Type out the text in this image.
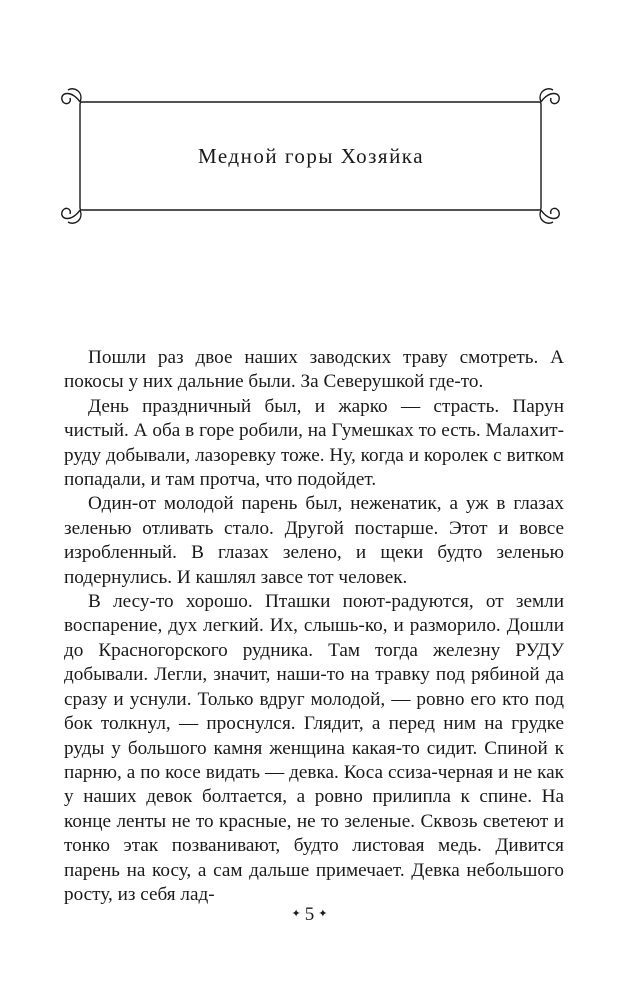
Медной горы Хозяйка

Пошли раз двое наших заводских траву смотреть. А покосы у них дальние были. За Северушкой где-то.

День праздничный был, и жарко — страсть. Парун чистый. А оба в горе робили, на Гумешках то есть. Малахит-руду добывали, лазоревку тоже. Ну, когда и королек с витком попадали, и там протча, что подойдет.

Один-от молодой парень был, неженатик, а уж в глазах зеленью отливать стало. Другой постарше. Этот и вовсе изробленный. В глазах зелено, и щеки будто зеленью подернулись. И кашлял завсе тот человек.

В лесу-то хорошо. Пташки поют-радуются, от земли воспарение, дух легкий. Их, слышь-ко, и разморило. Дошли до Красногорского рудника. Там тогда железну РУДУ добывали. Легли, значит, наши-то на травку под рябиной да сразу и уснули. Только вдруг молодой, — ровно его кто под бок толкнул, — проснулся. Глядит, а перед ним на грудке руды у большого камня женщина какая-то сидит. Спиной к парню, а по косе видать — девка. Коса ссиза-черная и не как у наших девок болтается, а ровно прилипла к спине. На конце ленты не то красные, не то зеленые. Сквозь светеют и тонко этак позванивают, будто листовая медь. Дивится парень на косу, а сам дальше примечает. Девка небольшого росту, из себя лад-

✦ 5 ✦
